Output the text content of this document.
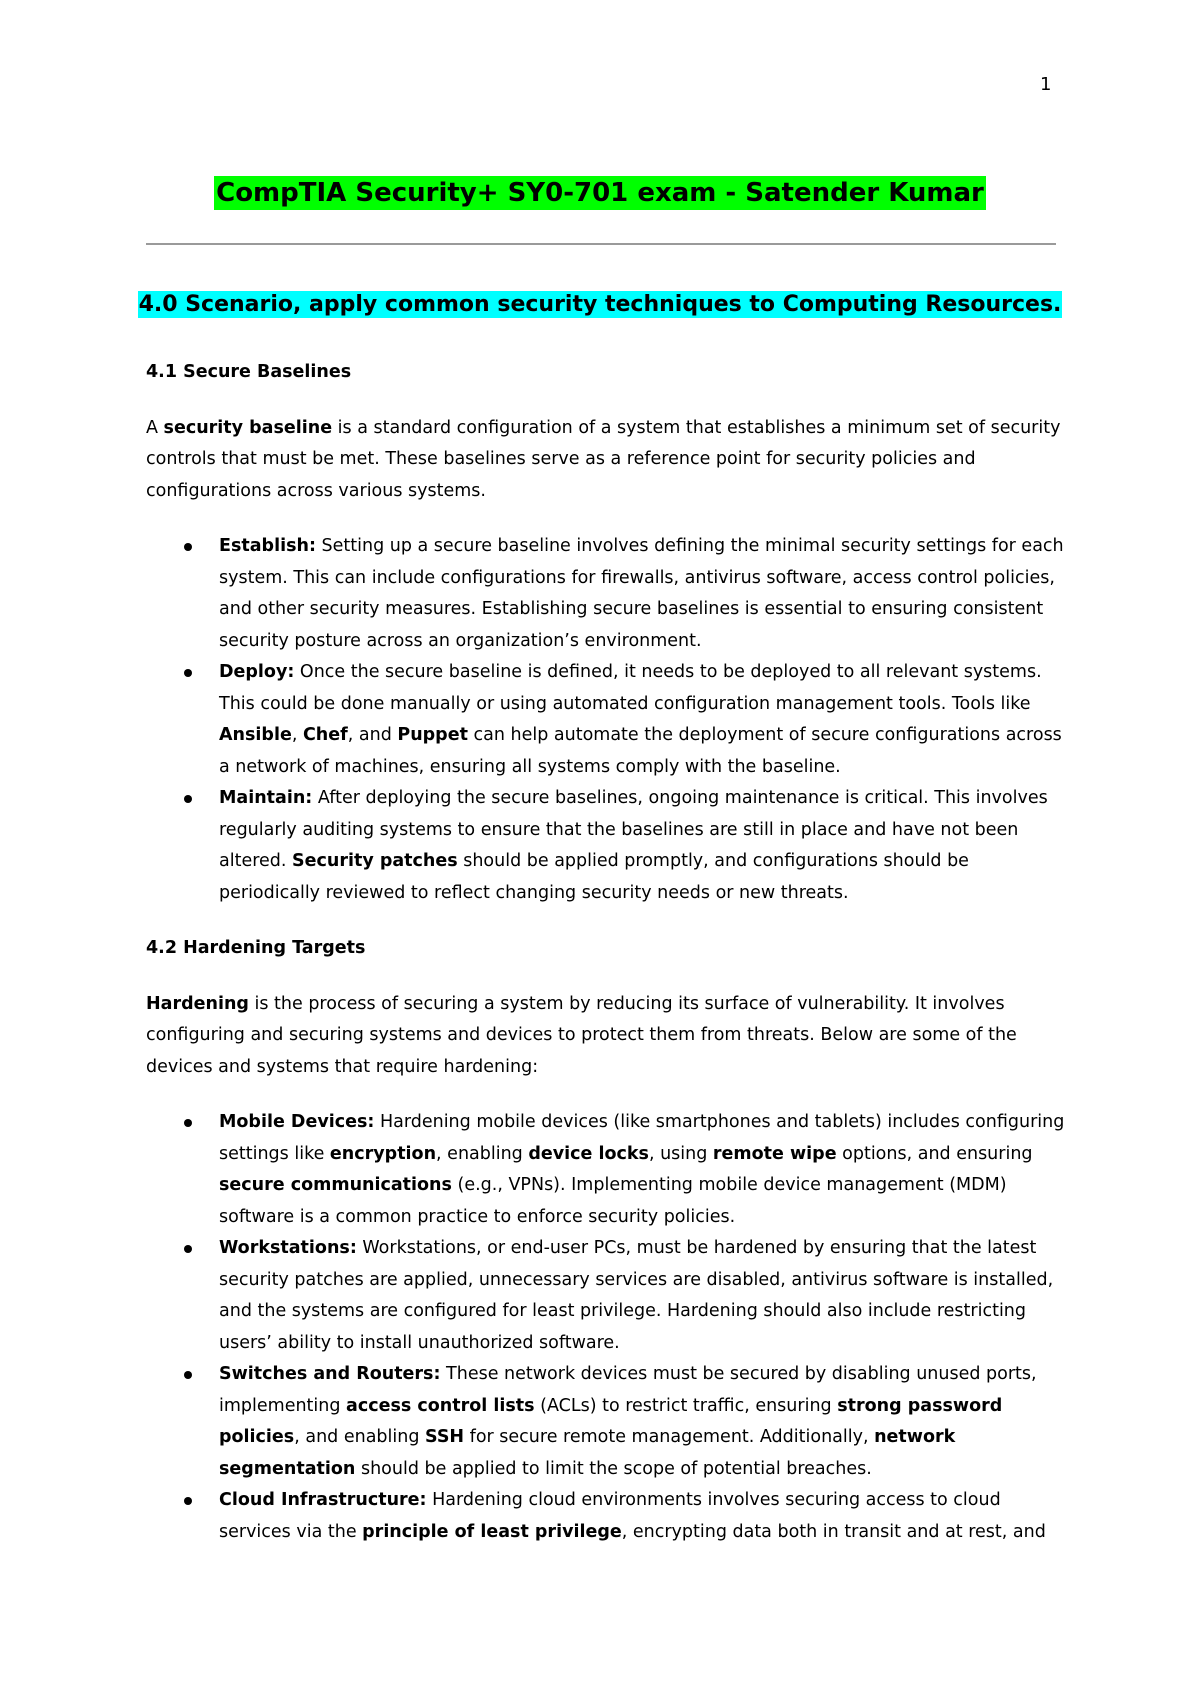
1
CompTIA Security+ SY0-701 exam - Satender Kumar
4.0 Scenario, apply common security techniques to Computing Resources.
4.1 Secure Baselines

A security baseline is a standard configuration of a system that establishes a minimum set of security controls that must be met. These baselines serve as a reference point for security policies and configurations across various systems.

Establish: Setting up a secure baseline involves defining the minimal security settings for each system. This can include configurations for firewalls, antivirus software, access control policies, and other security measures. Establishing secure baselines is essential to ensuring consistent security posture across an organization’s environment.
Deploy: Once the secure baseline is defined, it needs to be deployed to all relevant systems. This could be done manually or using automated configuration management tools. Tools like Ansible, Chef, and Puppet can help automate the deployment of secure configurations across a network of machines, ensuring all systems comply with the baseline.
Maintain: After deploying the secure baselines, ongoing maintenance is critical. This involves regularly auditing systems to ensure that the baselines are still in place and have not been altered. Security patches should be applied promptly, and configurations should be periodically reviewed to reflect changing security needs or new threats.
4.2 Hardening Targets

Hardening is the process of securing a system by reducing its surface of vulnerability. It involves configuring and securing systems and devices to protect them from threats. Below are some of the devices and systems that require hardening:

Mobile Devices: Hardening mobile devices (like smartphones and tablets) includes configuring settings like encryption, enabling device locks, using remote wipe options, and ensuring secure communications (e.g., VPNs). Implementing mobile device management (MDM) software is a common practice to enforce security policies.
Workstations: Workstations, or end-user PCs, must be hardened by ensuring that the latest security patches are applied, unnecessary services are disabled, antivirus software is installed, and the systems are configured for least privilege. Hardening should also include restricting users’ ability to install unauthorized software.
Switches and Routers: These network devices must be secured by disabling unused ports, implementing access control lists (ACLs) to restrict traffic, ensuring strong password policies, and enabling SSH for secure remote management. Additionally, network segmentation should be applied to limit the scope of potential breaches.
Cloud Infrastructure: Hardening cloud environments involves securing access to cloud services via the principle of least privilege, encrypting data both in transit and at rest, and
